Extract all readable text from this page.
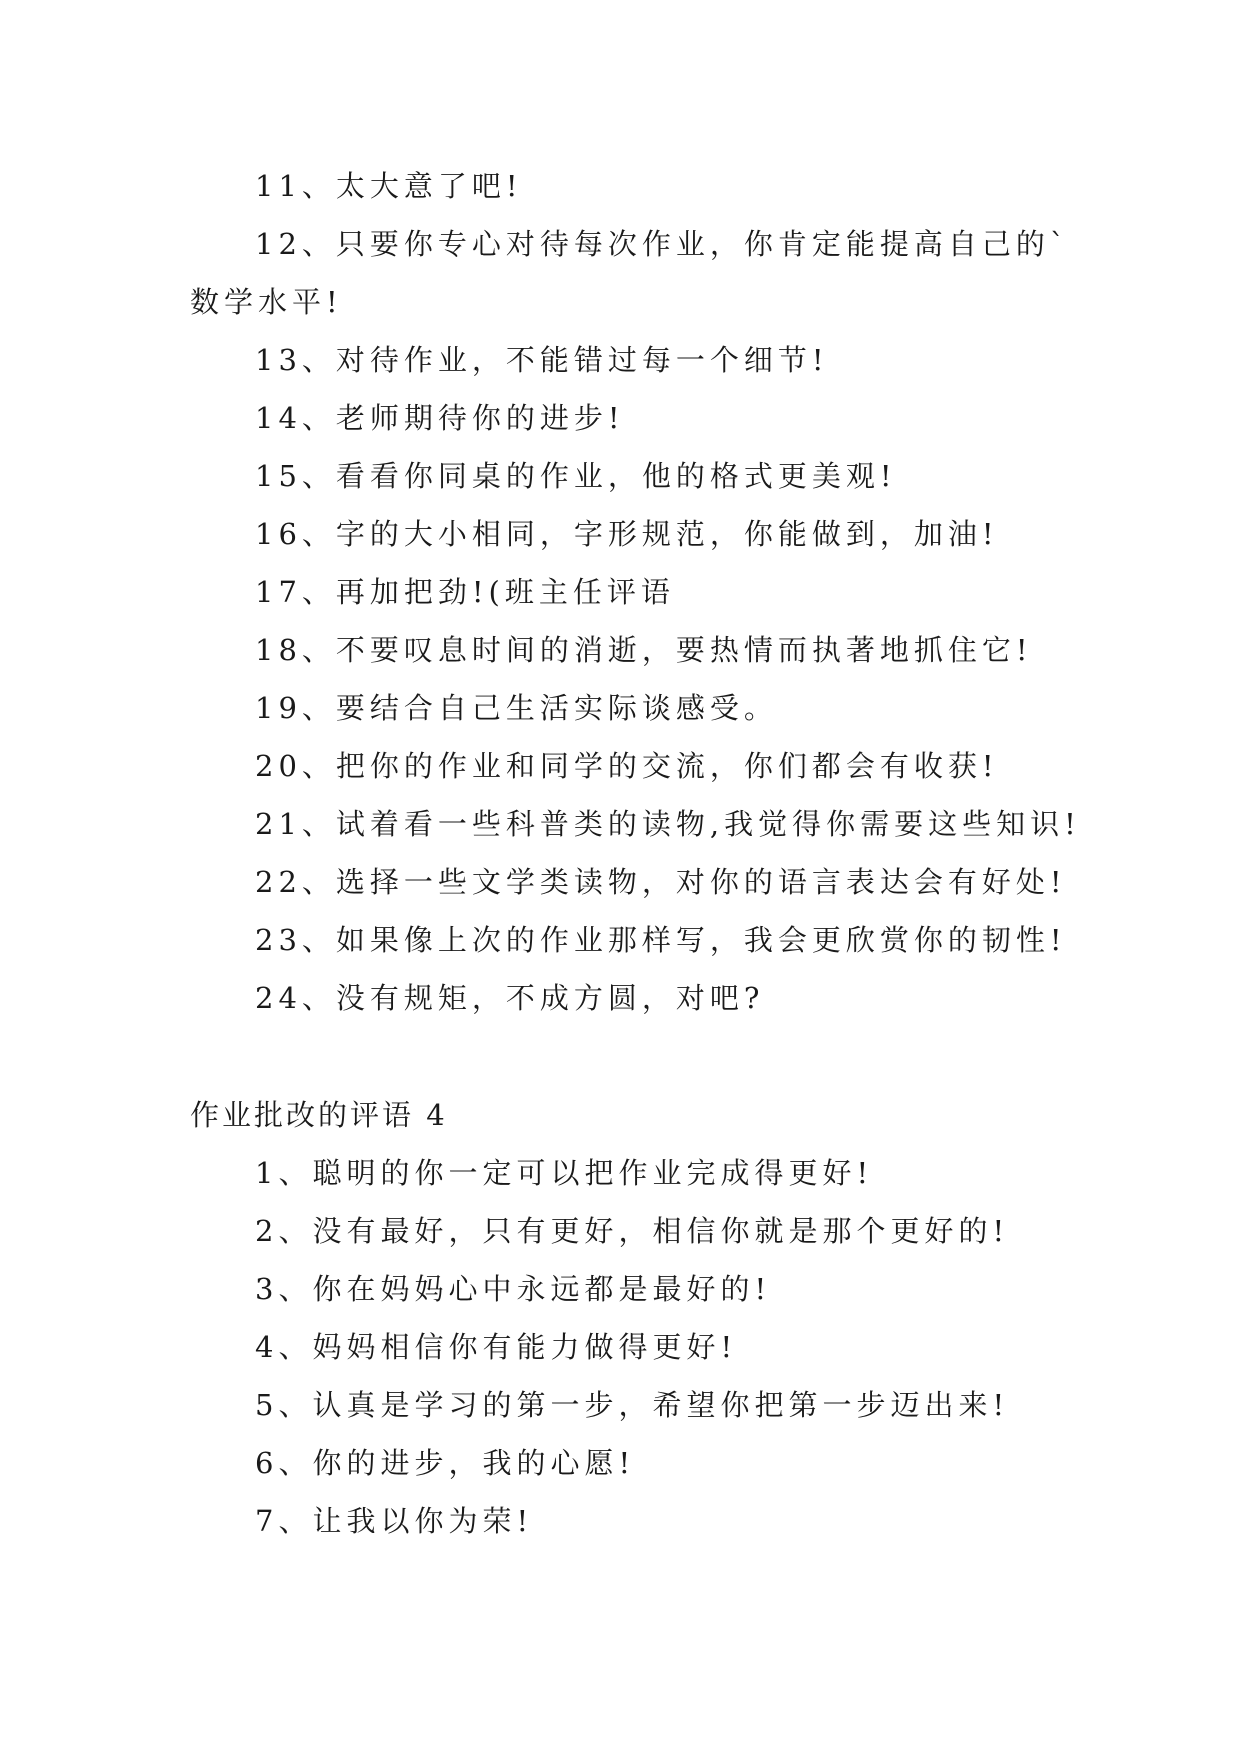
11、太大意了吧!
12、只要你专心对待每次作业，你肯定能提高自己的`
数学水平!
13、对待作业，不能错过每一个细节!
14、老师期待你的进步!
15、看看你同桌的作业，他的格式更美观!
16、字的大小相同，字形规范，你能做到，加油!
17、再加把劲!(班主任评语
18、不要叹息时间的消逝，要热情而执著地抓住它!
19、要结合自己生活实际谈感受。
20、把你的作业和同学的交流，你们都会有收获!
21、试着看一些科普类的读物,我觉得你需要这些知识!
22、选择一些文学类读物，对你的语言表达会有好处!
23、如果像上次的作业那样写，我会更欣赏你的韧性!
24、没有规矩，不成方圆，对吧?
作业批改的评语 4
1、聪明的你一定可以把作业完成得更好!
2、没有最好，只有更好，相信你就是那个更好的!
3、你在妈妈心中永远都是最好的!
4、妈妈相信你有能力做得更好!
5、认真是学习的第一步，希望你把第一步迈出来!
6、你的进步，我的心愿!
7、让我以你为荣!
